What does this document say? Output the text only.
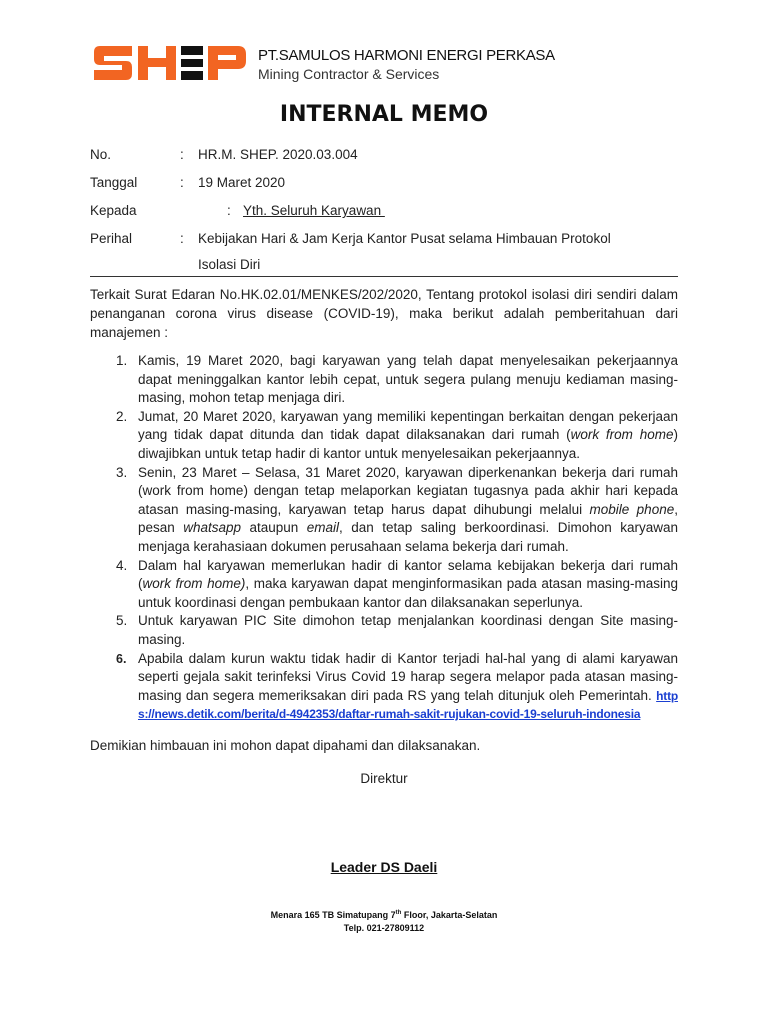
PT.SAMULOS HARMONI ENERGI PERKASA
Mining Contractor & Services
INTERNAL MEMO
No.	: HR.M. SHEP. 2020.03.004
Tanggal	: 19 Maret 2020
Kepada	: Yth. Seluruh Karyawan
Perihal	: Kebijakan Hari & Jam Kerja Kantor Pusat selama Himbauan Protokol
Isolasi Diri

Terkait Surat Edaran No.HK.02.01/MENKES/202/2020, Tentang protokol isolasi diri sendiri dalam penanganan corona virus disease (COVID-19), maka berikut adalah pemberitahuan dari manajemen :

1. Kamis, 19 Maret 2020, bagi karyawan yang telah dapat menyelesaikan pekerjaannya dapat meninggalkan kantor lebih cepat, untuk segera pulang menuju kediaman masing-masing, mohon tetap menjaga diri.
2. Jumat, 20 Maret 2020, karyawan yang memiliki kepentingan berkaitan dengan pekerjaan yang tidak dapat ditunda dan tidak dapat dilaksanakan dari rumah (work from home) diwajibkan untuk tetap hadir di kantor untuk menyelesaikan pekerjaannya.
3. Senin, 23 Maret – Selasa, 31 Maret 2020, karyawan diperkenankan bekerja dari rumah (work from home) dengan tetap melaporkan kegiatan tugasnya pada akhir hari kepada atasan masing-masing, karyawan tetap harus dapat dihubungi melalui mobile phone, pesan whatsapp ataupun email, dan tetap saling berkoordinasi. Dimohon karyawan menjaga kerahasiaan dokumen perusahaan selama bekerja dari rumah.
4. Dalam hal karyawan memerlukan hadir di kantor selama kebijakan bekerja dari rumah (work from home), maka karyawan dapat menginformasikan pada atasan masing-masing untuk koordinasi dengan pembukaan kantor dan dilaksanakan seperlunya.
5. Untuk karyawan PIC Site dimohon tetap menjalankan koordinasi dengan Site masing-masing.
6. Apabila dalam kurun waktu tidak hadir di Kantor terjadi hal-hal yang di alami karyawan seperti gejala sakit terinfeksi Virus Covid 19 harap segera melapor pada atasan masing-masing dan segera memeriksakan diri pada RS yang telah ditunjuk oleh Pemerintah. https://news.detik.com/berita/d-4942353/daftar-rumah-sakit-rujukan-covid-19-seluruh-indonesia
Demikian himbauan ini mohon dapat dipahami dan dilaksanakan.
Direktur
Leader DS Daeli
Menara 165 TB Simatupang 7th Floor, Jakarta-Selatan
Telp. 021-27809112
